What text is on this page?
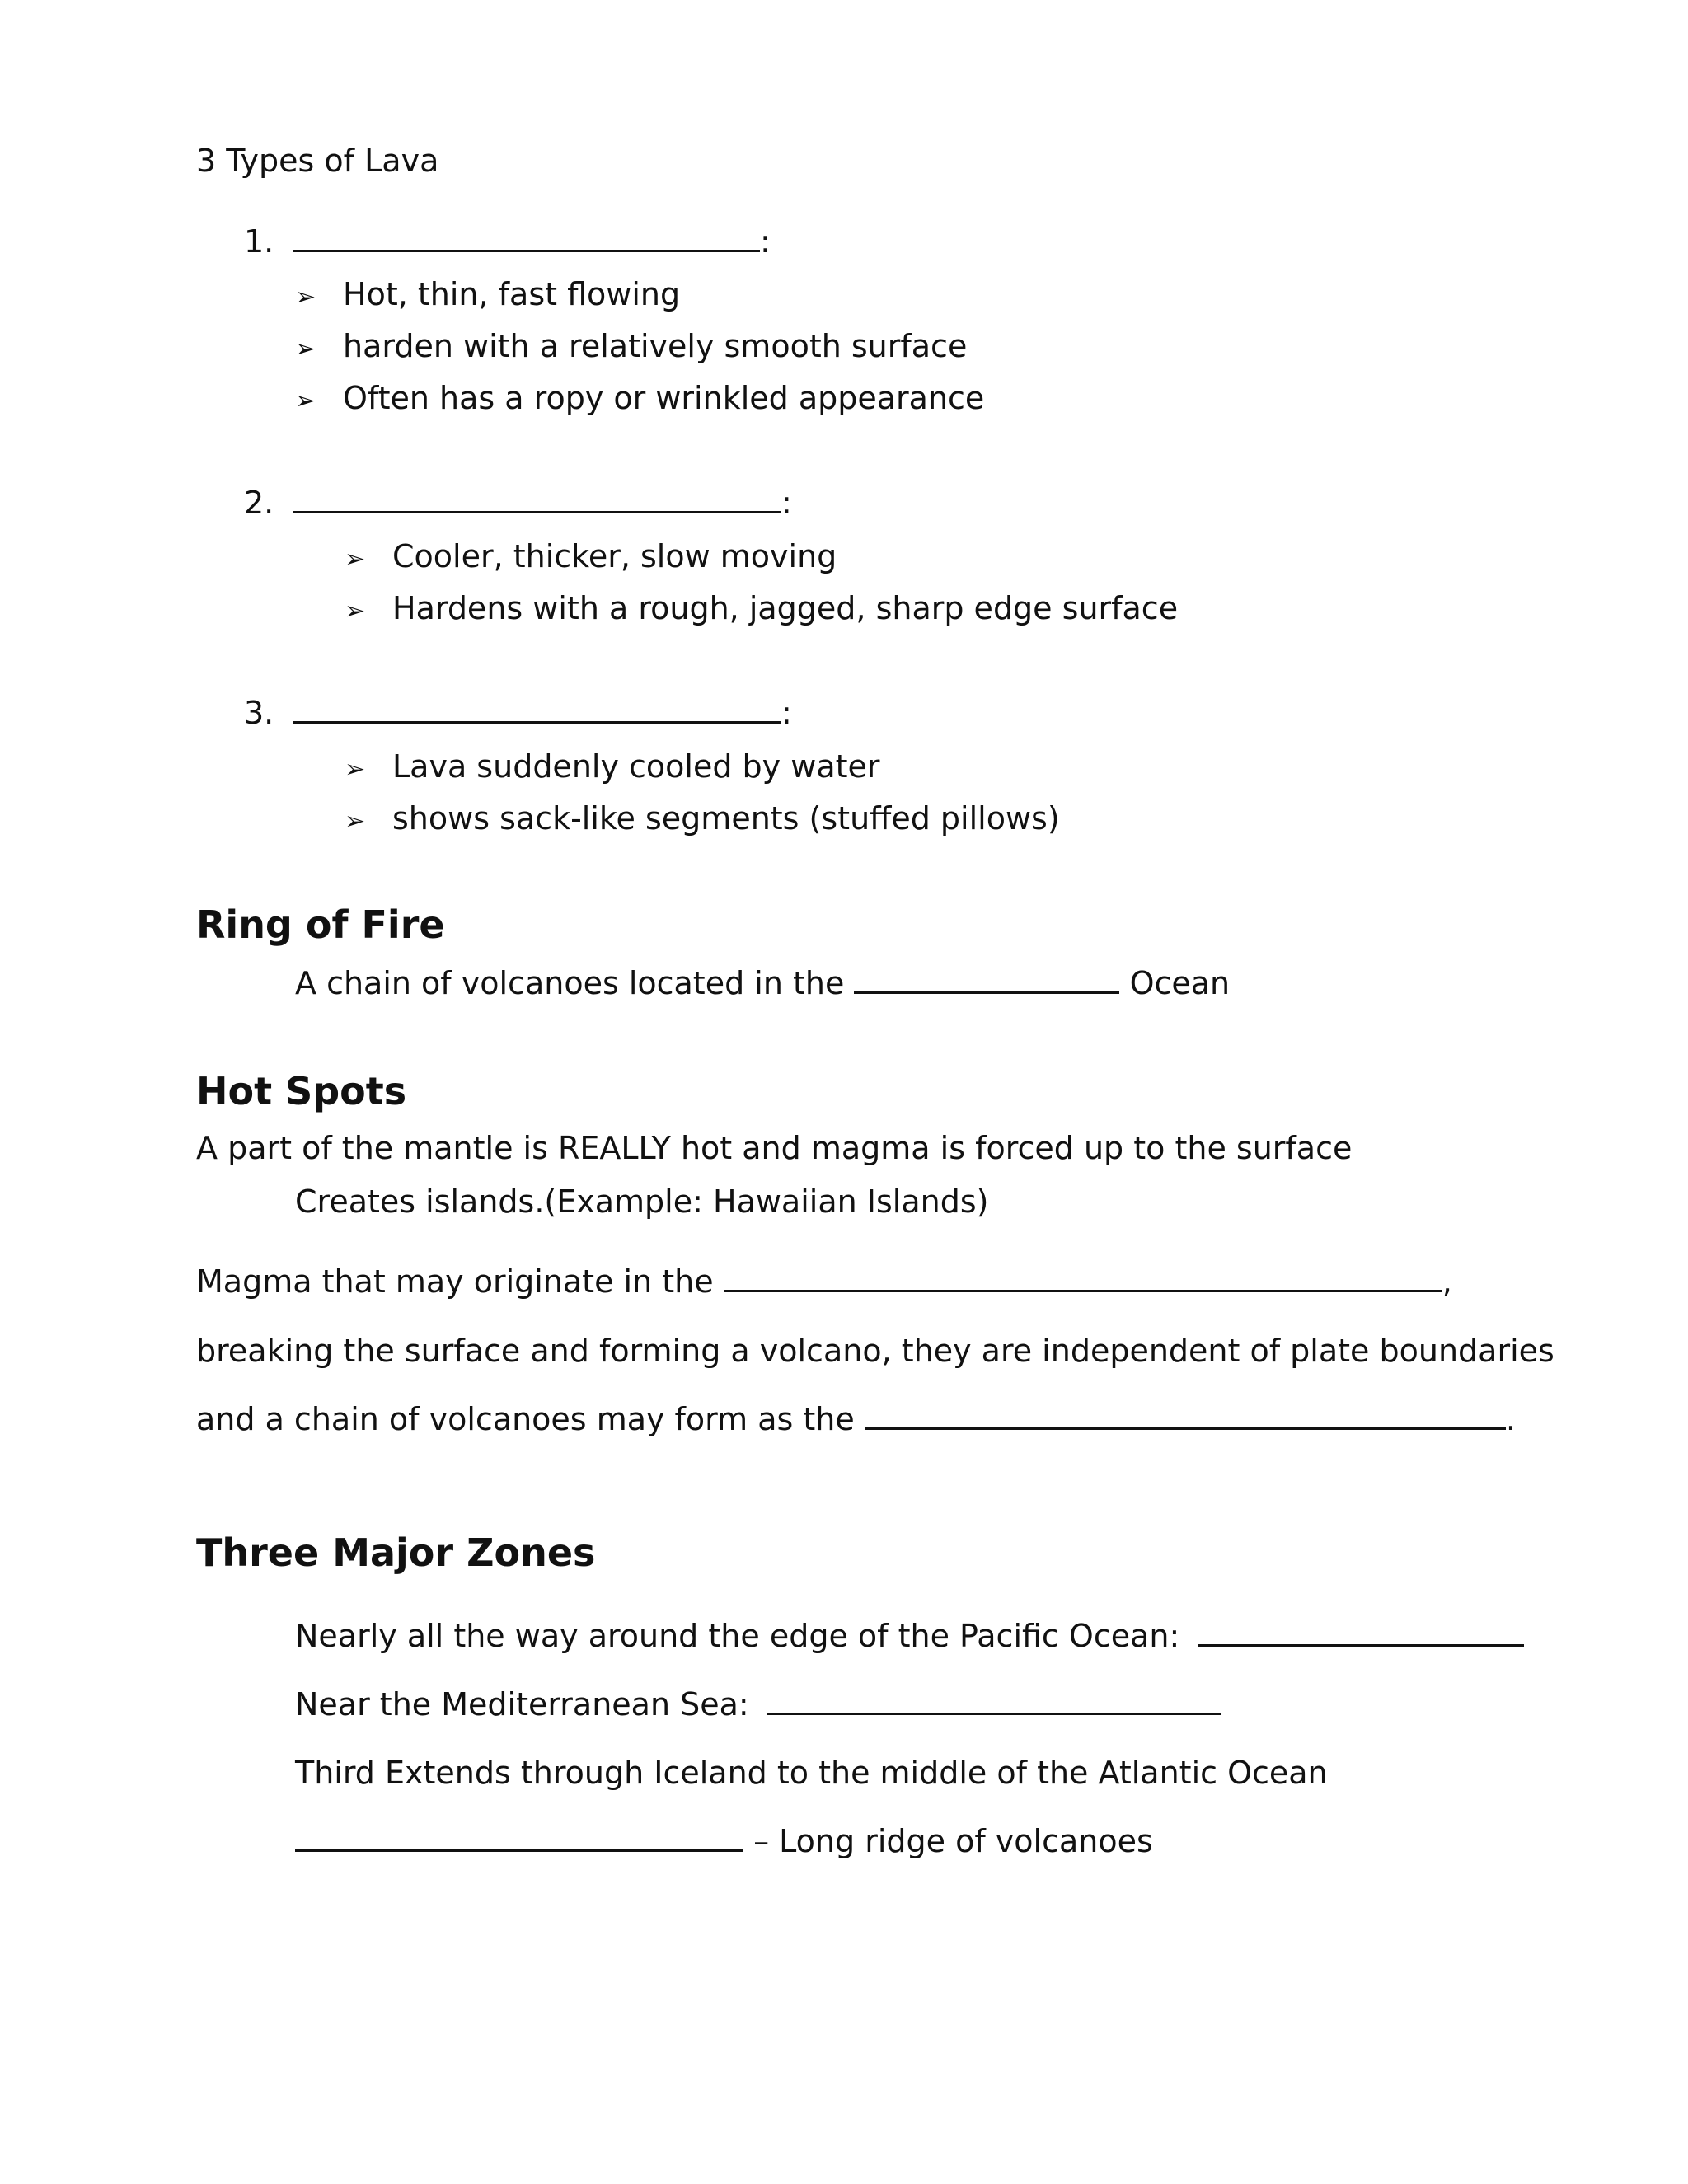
3 Types of Lava
1.	:
➢ Hot, thin, fast flowing
➢ harden with a relatively smooth surface
➢ Often has a ropy or wrinkled appearance
2.	:
➢ Cooler, thicker, slow moving
➢ Hardens with a rough, jagged, sharp edge surface
3.	:
➢ Lava suddenly cooled by water
➢ shows sack-like segments (stuffed pillows)
Ring of Fire
A chain of volcanoes located in the	Ocean
Hot Spots
A part of the mantle is REALLY hot and magma is forced up to the surface
Creates islands.(Example: Hawaiian Islands)
Magma that may originate in the	,
breaking the surface and forming a volcano, they are independent of plate boundaries
and a chain of volcanoes may form as the	.
Three Major Zones
Nearly all the way around the edge of the Pacific Ocean:
Near the Mediterranean Sea:
Third Extends through Iceland to the middle of the Atlantic Ocean
– Long ridge of volcanoes
